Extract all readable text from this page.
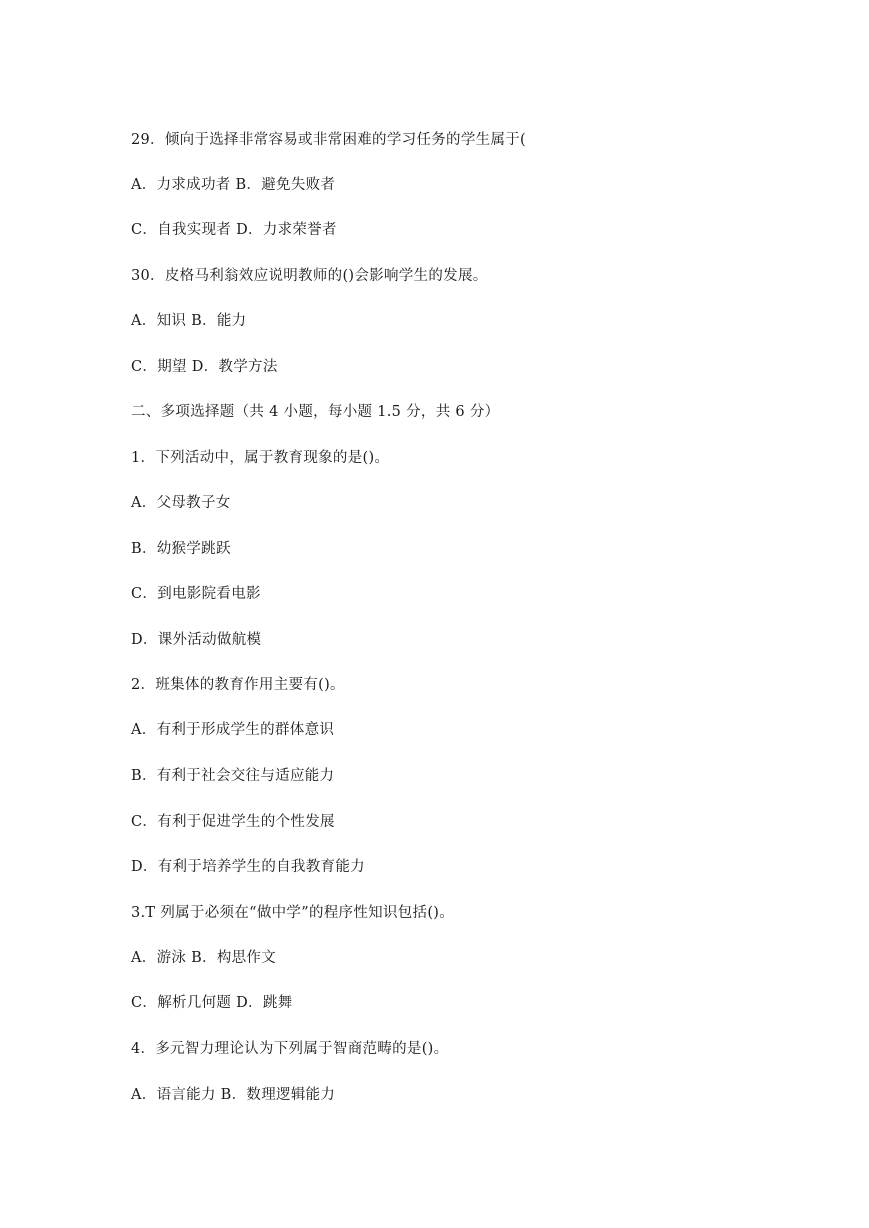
29．倾向于选择非常容易或非常困难的学习任务的学生属于(
A．力求成功者 B．避免失败者
C．自我实现者 D．力求荣誉者
30．皮格马利翁效应说明教师的()会影响学生的发展。
A．知识 B．能力
C．期望 D．教学方法
二、多项选择题（共 4 小题，每小题 1.5 分，共 6 分）
1．下列活动中，属于教育现象的是()。
A．父母教子女
B．幼猴学跳跃
C．到电影院看电影
D．课外活动做航模
2．班集体的教育作用主要有()。
A．有利于形成学生的群体意识
B．有利于社会交往与适应能力
C．有利于促进学生的个性发展
D．有利于培养学生的自我教育能力
3.T 列属于必须在“做中学”的程序性知识包括()。
A．游泳 B．构思作文
C．解析几何题 D．跳舞
4．多元智力理论认为下列属于智商范畴的是()。
A．语言能力 B．数理逻辑能力
